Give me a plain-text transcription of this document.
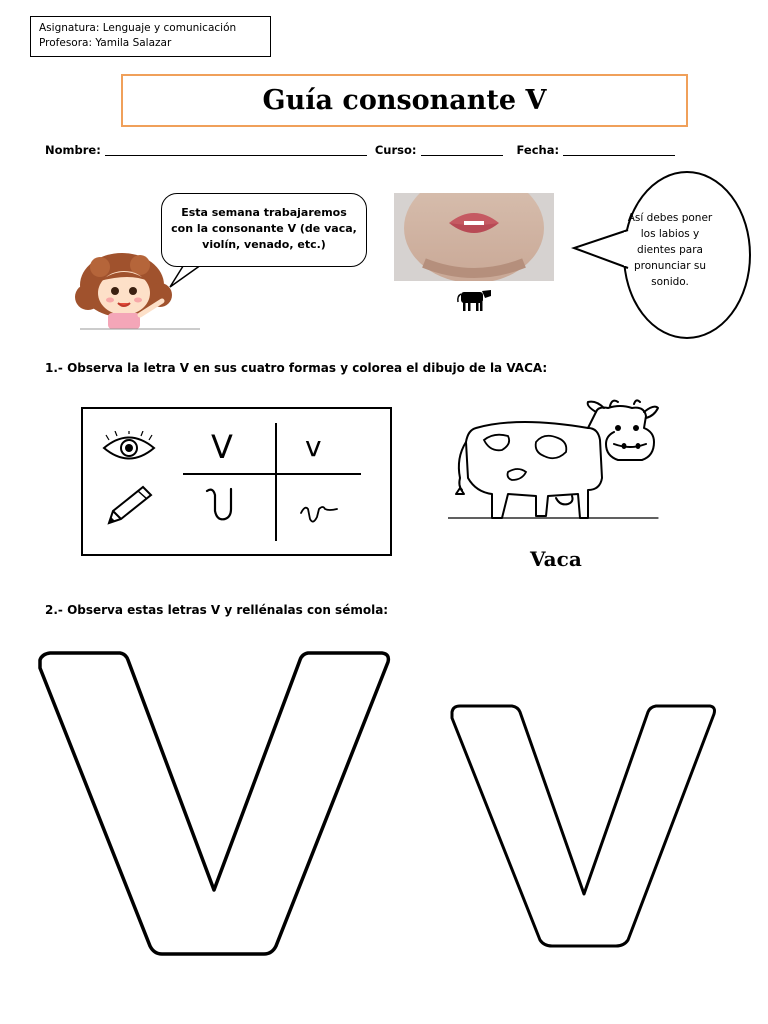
Asignatura: Lenguaje y comunicación
Profesora: Yamila Salazar
Guía consonante V
Nombre:	Curso:	Fecha:
Esta semana trabajaremos con la consonante V (de vaca, violín, venado, etc.)
Así debes poner los labios y dientes para pronunciar su sonido.
1.- Observa la letra V en sus cuatro formas y colorea el dibujo de la VACA:
V	v
Vaca
2.- Observa estas letras V y rellénalas con sémola:
